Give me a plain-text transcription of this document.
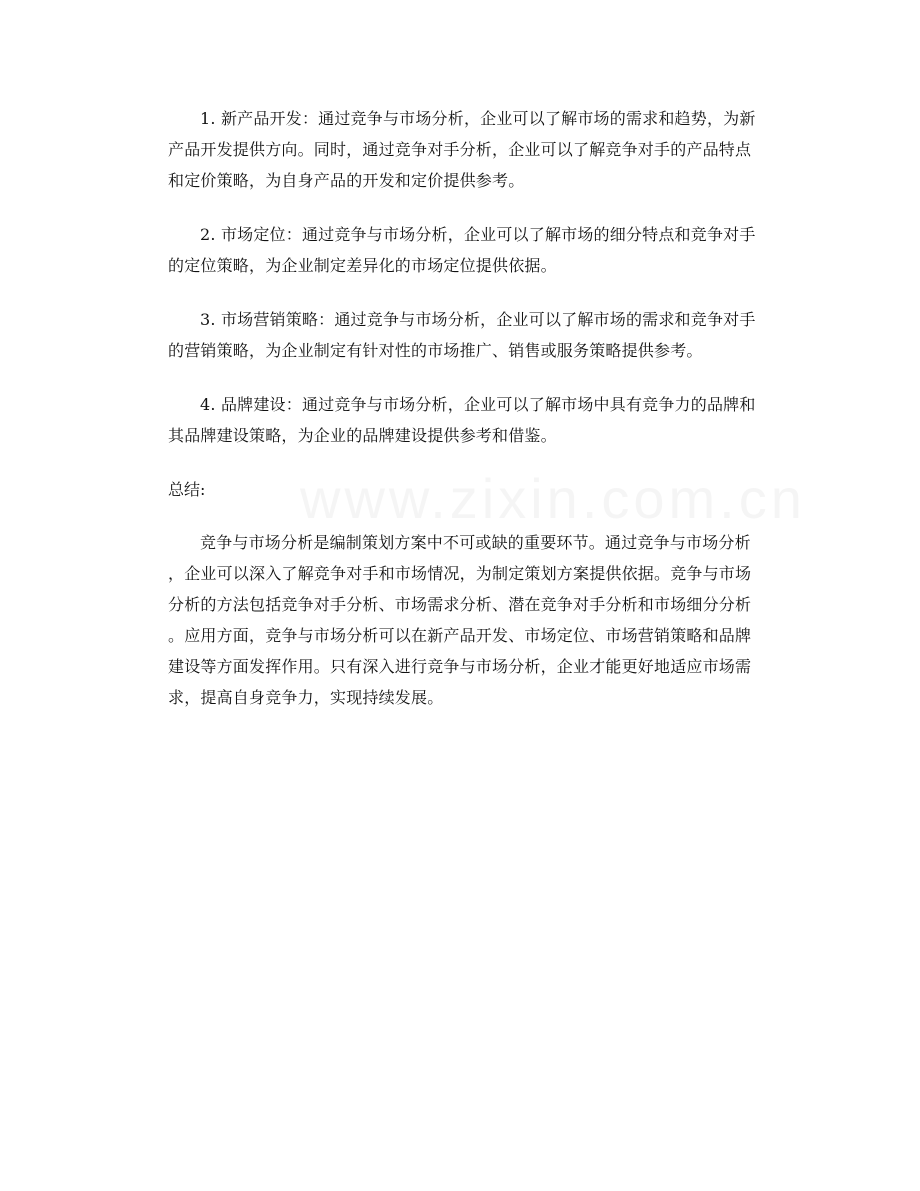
www.zixin.com.cn

1. 新产品开发：通过竞争与市场分析，企业可以了解市场的需求和趋势，为新
产品开发提供方向。同时，通过竞争对手分析，企业可以了解竞争对手的产品特点
和定价策略，为自身产品的开发和定价提供参考。

2. 市场定位：通过竞争与市场分析，企业可以了解市场的细分特点和竞争对手
的定位策略，为企业制定差异化的市场定位提供依据。

3. 市场营销策略：通过竞争与市场分析，企业可以了解市场的需求和竞争对手
的营销策略，为企业制定有针对性的市场推广、销售或服务策略提供参考。

4. 品牌建设：通过竞争与市场分析，企业可以了解市场中具有竞争力的品牌和
其品牌建设策略，为企业的品牌建设提供参考和借鉴。

总结:

竞争与市场分析是编制策划方案中不可或缺的重要环节。通过竞争与市场分析
，企业可以深入了解竞争对手和市场情况，为制定策划方案提供依据。竞争与市场
分析的方法包括竞争对手分析、市场需求分析、潜在竞争对手分析和市场细分分析
。应用方面，竞争与市场分析可以在新产品开发、市场定位、市场营销策略和品牌
建设等方面发挥作用。只有深入进行竞争与市场分析，企业才能更好地适应市场需
求，提高自身竞争力，实现持续发展。
